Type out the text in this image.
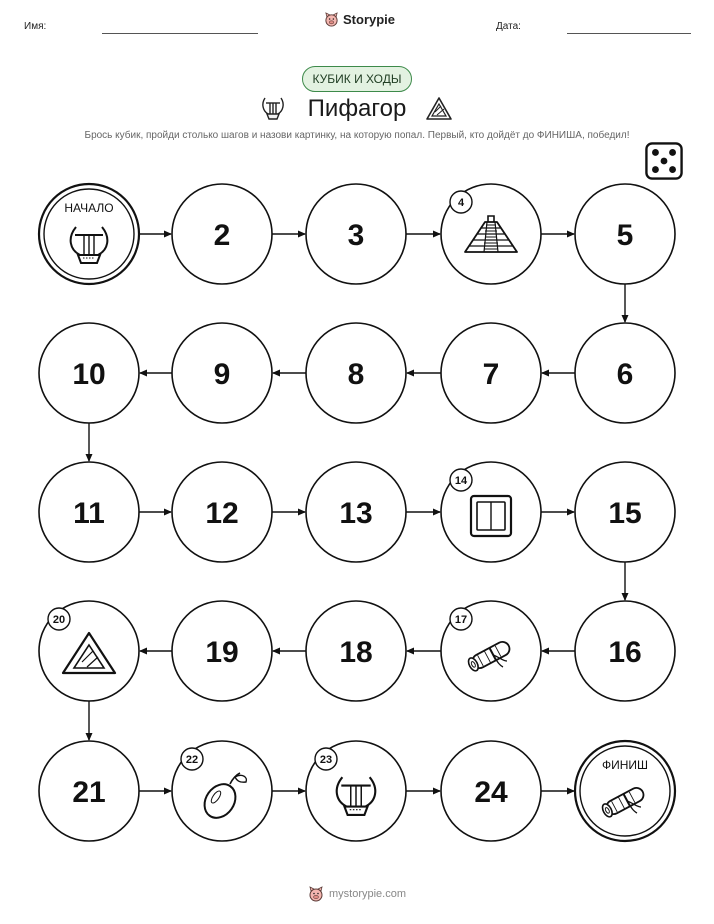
Имя:	Storypie	Дата:
КУБИК И ХОДЫ
Пифагор
Брось кубик, пройди столько шагов и назови картинку, на которую попал. Первый, кто дойдёт до ФИНИША, победил!
НАЧАЛО
2	3
4
5
6
7
8
9
10
11	12	13
14
15
16
17
18
19
20
21
22	23
24
ФИНИШ
mystorypie.com
